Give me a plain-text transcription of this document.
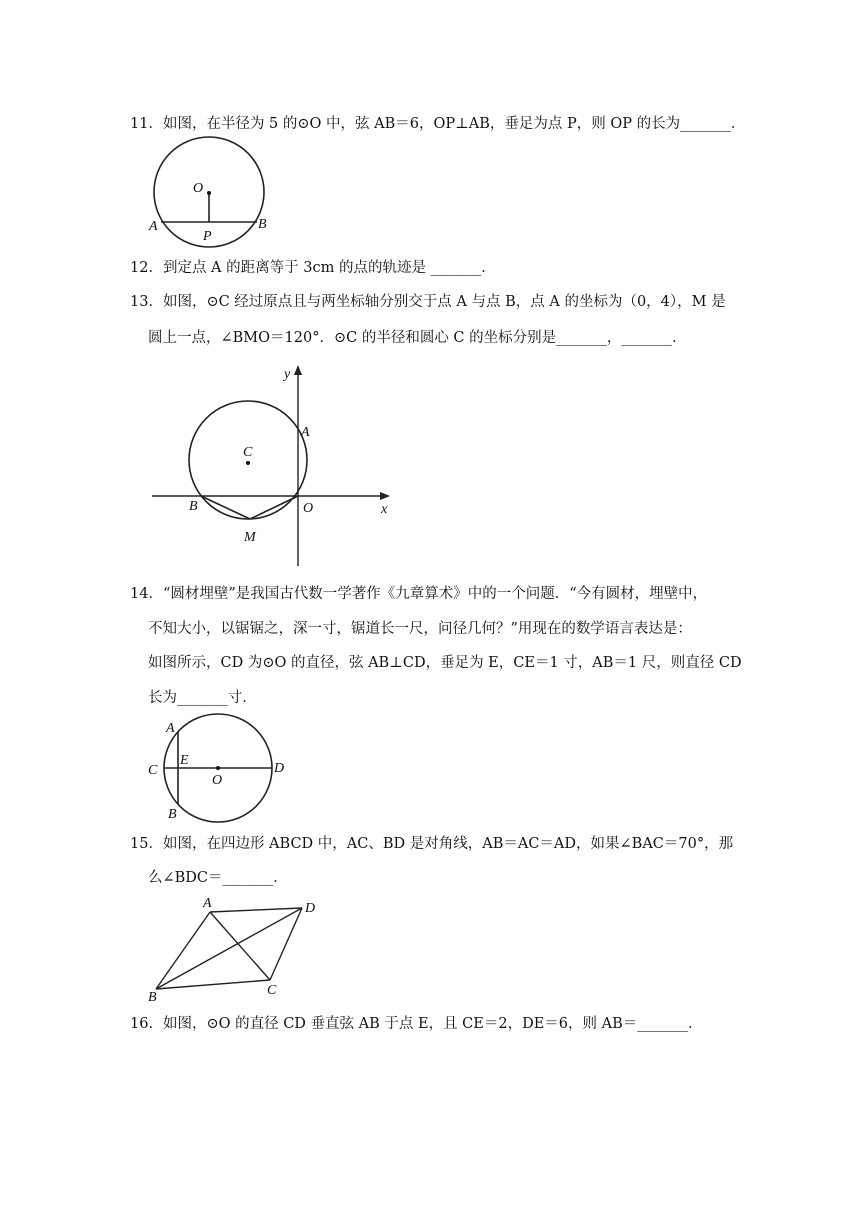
11．如图，在半径为 5 的⊙O 中，弦 AB＝6，OP⊥AB，垂足为点 P，则 OP 的长为_______．
O
A	B
P
12．到定点 A 的距离等于 3cm 的点的轨迹是 _______．
13．如图，⊙C 经过原点且与两坐标轴分别交于点 A 与点 B，点 A 的坐标为（0，4），M 是
圆上一点，∠BMO＝120°．⊙C 的半径和圆心 C 的坐标分别是_______，_______．
y
x
A
C
B	O
M
14．“圆材埋壁”是我国古代数一学著作《九章算术》中的一个问题．“今有圆材，埋壁中，
不知大小，以锯锯之，深一寸，锯道长一尺，问径几何？”用现在的数学语言表达是：
如图所示，CD 为⊙O 的直径，弦 AB⊥CD，垂足为 E，CE＝1 寸，AB＝1 尺，则直径 CD
长为_______寸．
A
E
C
O
D
B
15．如图，在四边形 ABCD 中，AC、BD 是对角线，AB＝AC＝AD，如果∠BAC＝70°，那
么∠BDC＝_______．
A	D
B	C
16．如图，⊙O 的直径 CD 垂直弦 AB 于点 E，且 CE＝2，DE＝6，则 AB＝_______．
